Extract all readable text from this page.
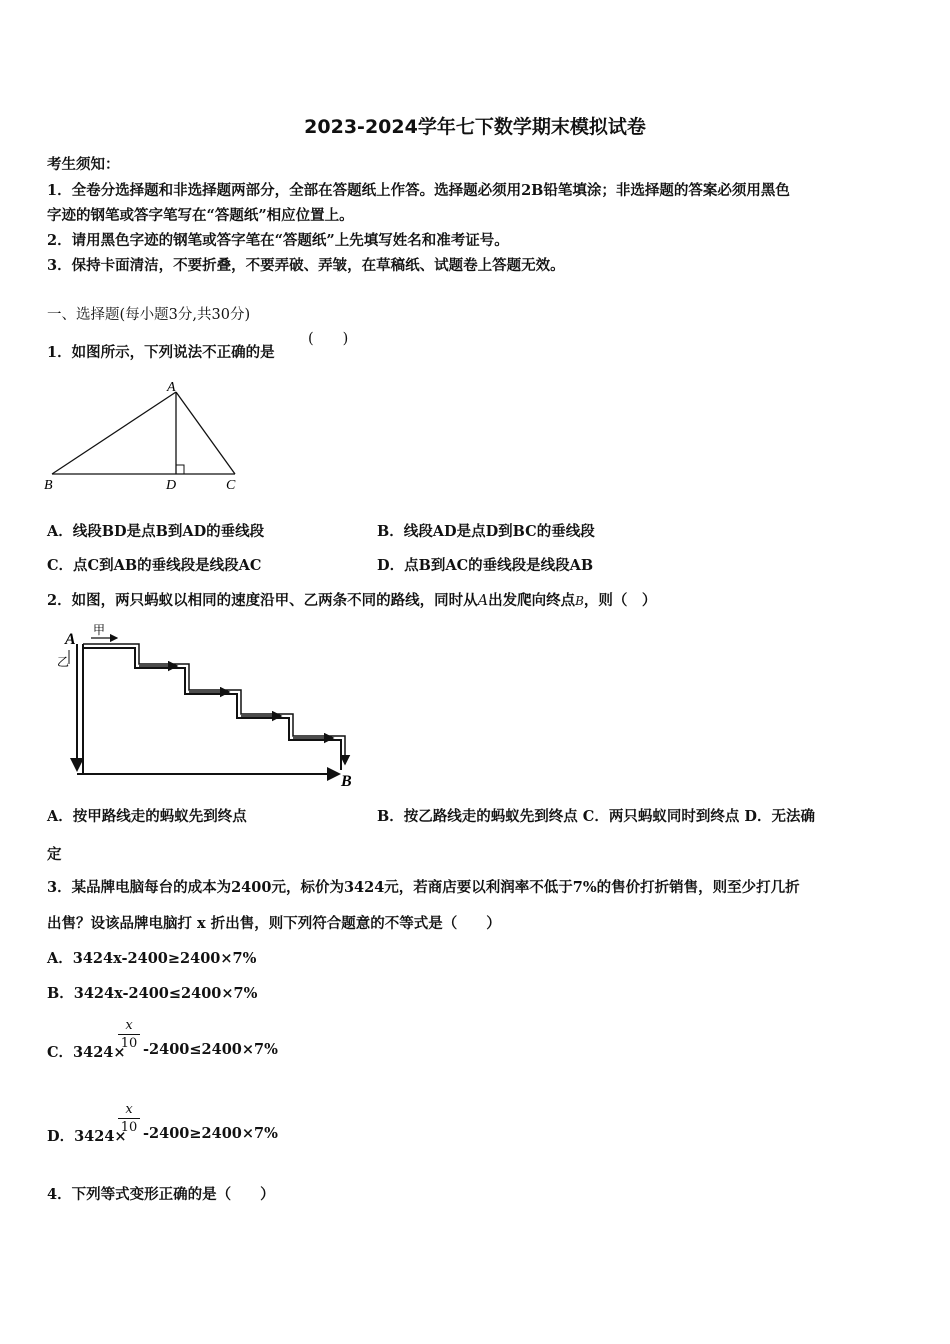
2023-2024学年七下数学期末模拟试卷
考生须知：
1．全卷分选择题和非选择题两部分，全部在答题纸上作答。选择题必须用2B铅笔填涂；非选择题的答案必须用黑色
字迹的钢笔或答字笔写在“答题纸”相应位置上。
2．请用黑色字迹的钢笔或答字笔在“答题纸”上先填写姓名和准考证号。
3．保持卡面清洁，不要折叠，不要弄破、弄皱，在草稿纸、试题卷上答题无效。
一、选择题(每小题3分,共30分)
1．如图所示，下列说法不正确的是
(　　)
A
B	D	C
A．线段BD是点B到AD的垂线段	B．线段AD是点D到BC的垂线段
C．点C到AB的垂线段是线段AC	D．点B到AC的垂线段是线段AB
2．如图，两只蚂蚁以相同的速度沿甲、乙两条不同的路线，同时从A出发爬向终点B，则（　）
A
甲
乙
B
A．按甲路线走的蚂蚁先到终点	B．按乙路线走的蚂蚁先到终点 C．两只蚂蚁同时到终点 D．无法确
定
3．某品牌电脑每台的成本为2400元，标价为3424元，若商店要以利润率不低于7%的售价打折销售，则至少打几折
出售？设该品牌电脑打 x 折出售，则下列符合题意的不等式是（　　）
A．3424x-2400≥2400×7%
B．3424x-2400≤2400×7%
C．3424×
x
10 -2400≤2400×7%
D．3424×
x
10 -2400≥2400×7%
4．下列等式变形正确的是（　　）
